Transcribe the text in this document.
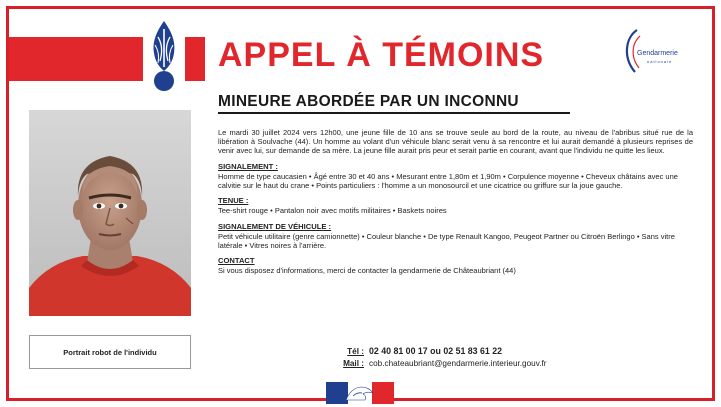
APPEL À TÉMOINS	Gendarmerie
nationale
Portrait robot de l'individu
MINEURE ABORDÉE PAR UN INCONNU

Le mardi 30 juillet 2024 vers 12h00, une jeune fille de 10 ans se trouve seule au bord de la route, au niveau de l'abribus situé rue de la libération à Soulvache (44). Un homme au volant d'un véhicule blanc serait venu à sa rencontre et lui aurait demandé à plusieurs reprises de venir avec lui, sur demande de sa mère. La jeune fille aurait pris peur et serait partie en courant, avant que l'individu ne quitte les lieux.

SIGNALEMENT :

Homme de type caucasien • Âgé entre 30 et 40 ans • Mesurant entre 1,80m et 1,90m • Corpulence moyenne • Cheveux châtains avec une calvitie sur le haut du crane • Points particuliers : l'homme a un monosourcil et une cicatrice ou griffure sur la joue gauche.

TENUE :

Tee-shirt rouge • Pantalon noir avec motifs militaires • Baskets noires

SIGNALEMENT DE VÉHICULE :

Petit véhicule utilitaire (genre camionnette) • Couleur blanche • De type Renault Kangoo, Peugeot Partner ou Citroën Berlingo • Sans vitre latérale • Vitres noires à l'arrière.

CONTACT

Si vous disposez d'informations, merci de contacter la gendarmerie de Châteaubriant (44)

Tél : 02 40 81 00 17 ou 02 51 83 61 22
Mail : cob.chateaubriant@gendarmerie.interieur.gouv.fr
